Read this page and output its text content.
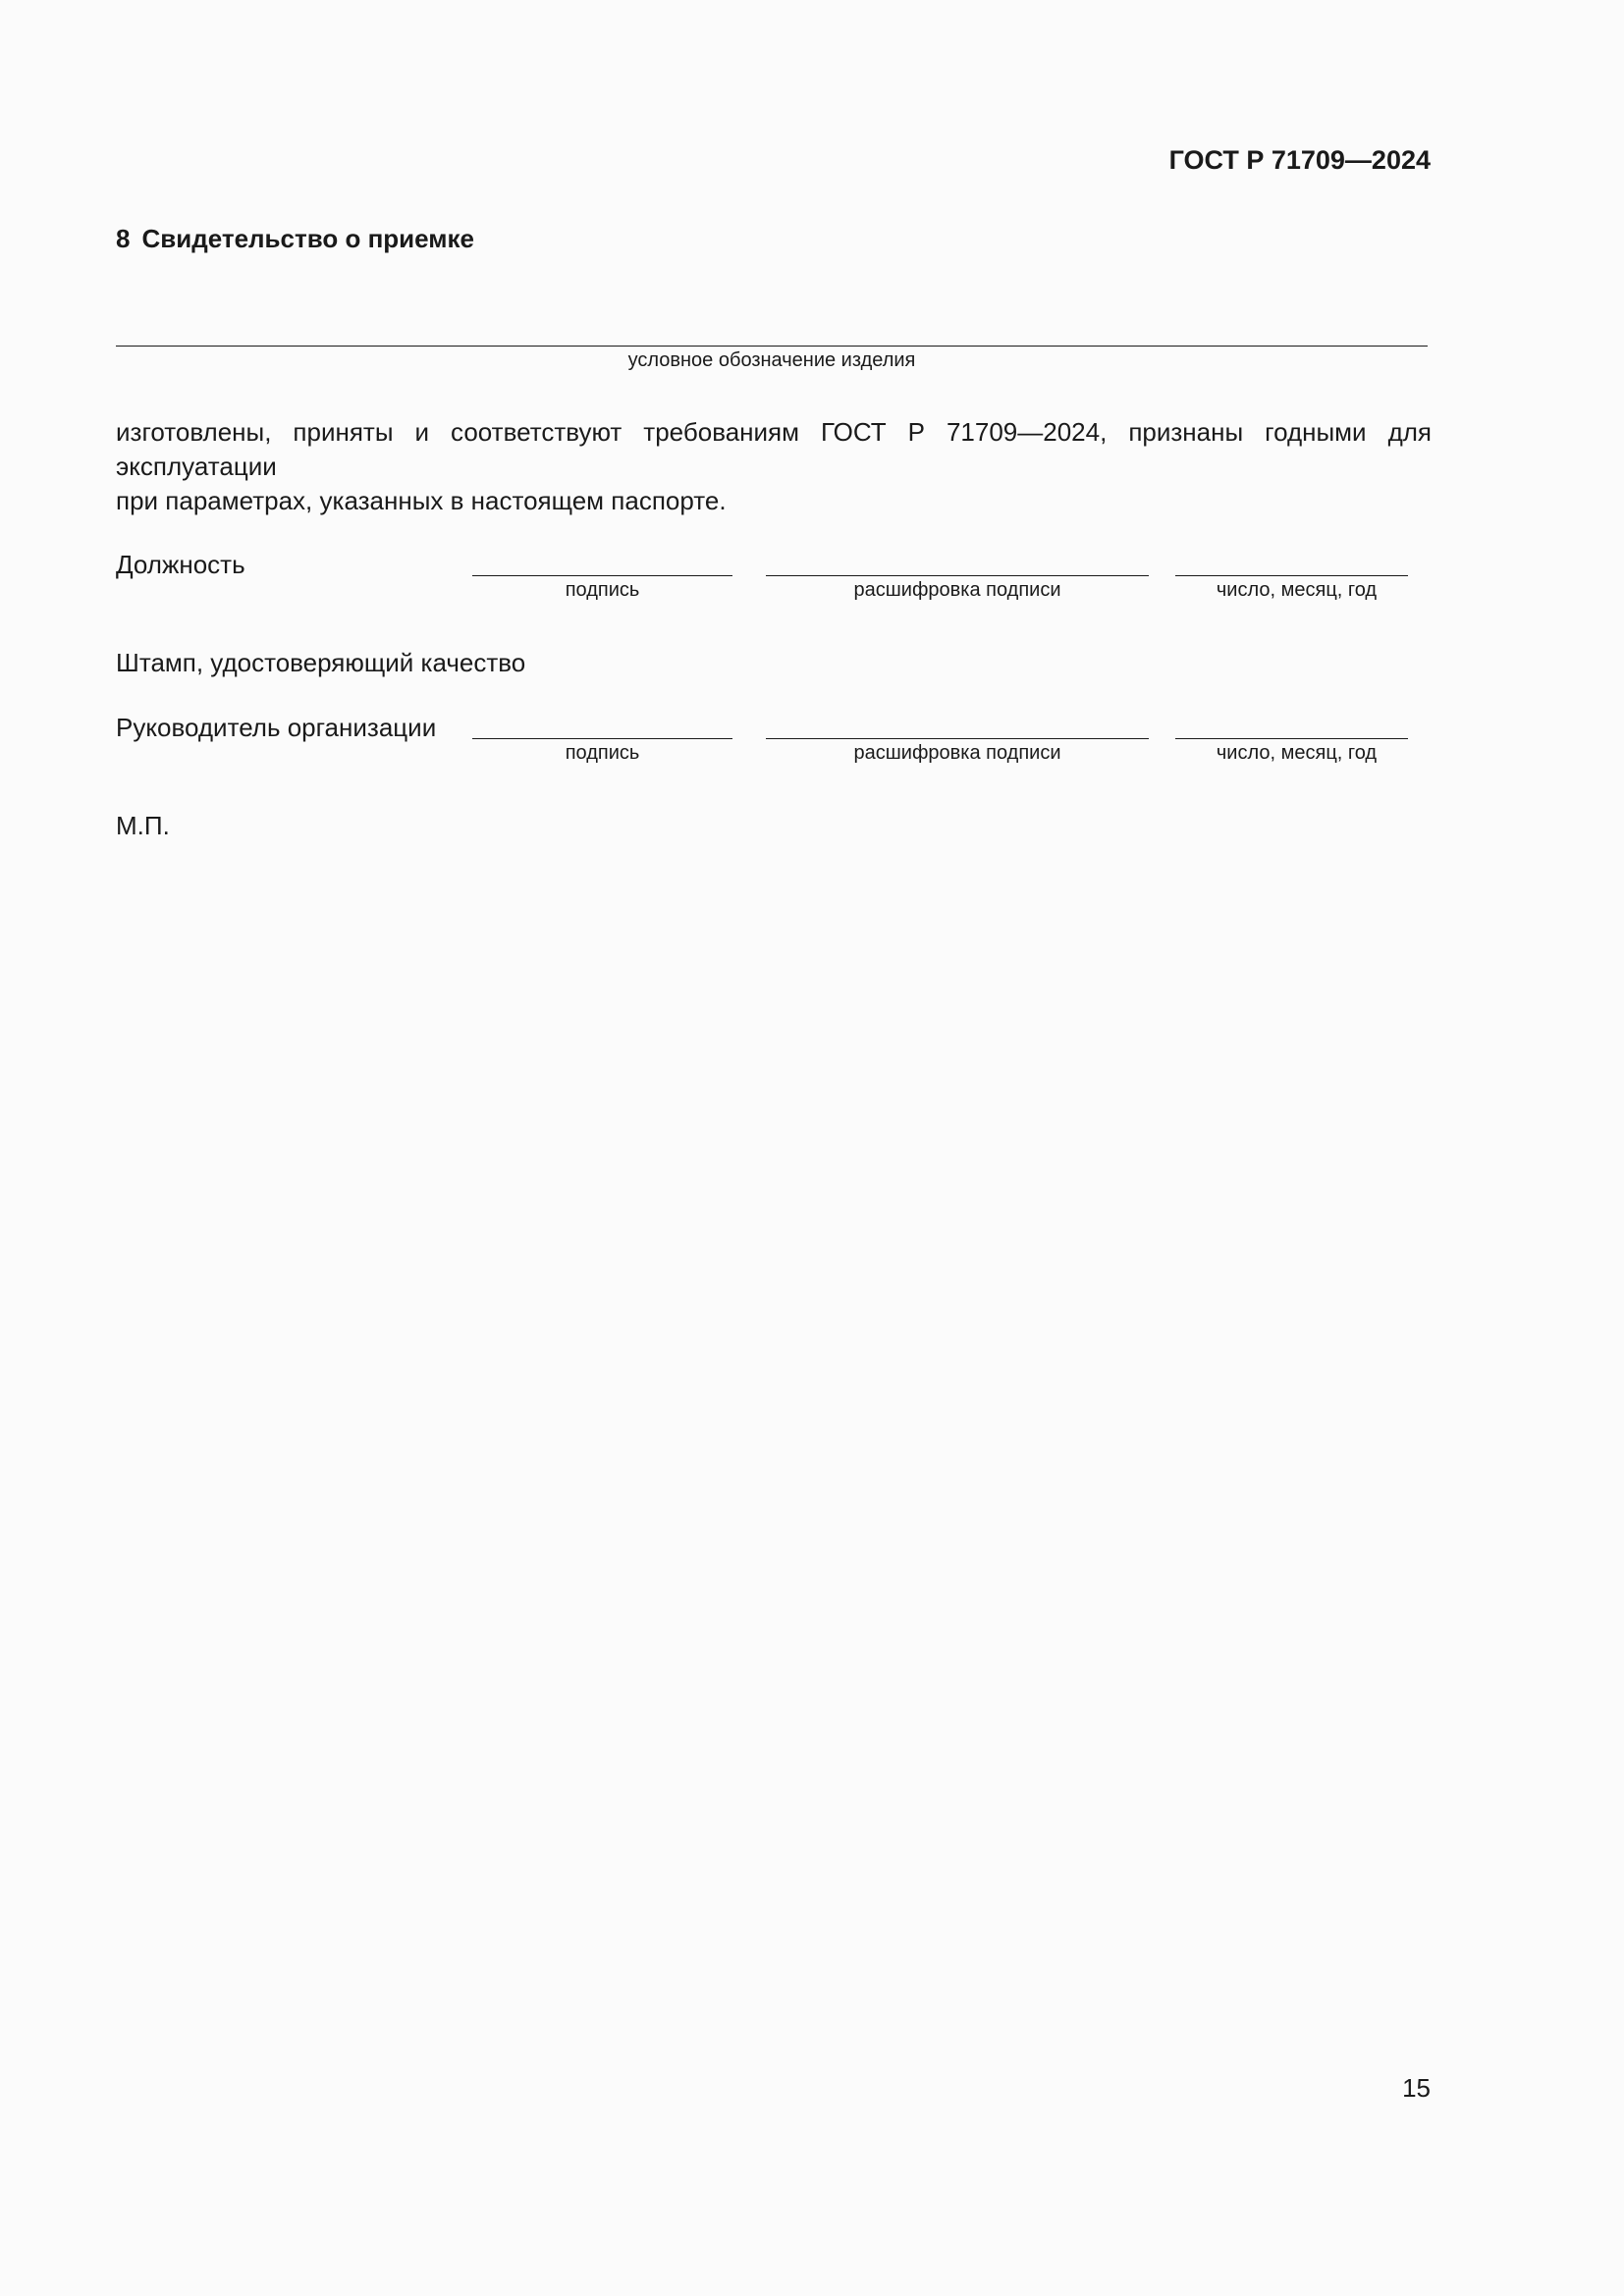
ГОСТ Р 71709—2024
8 Свидетельство о приемке
условное обозначение изделия
изготовлены, приняты и соответствуют требованиям ГОСТ Р 71709—2024, признаны годными для эксплуатации
при параметрах, указанных в настоящем паспорте.
Должность
подпись	расшифровка подписи	число, месяц, год
Штамп, удостоверяющий качество
Руководитель организации
подпись	расшифровка подписи	число, месяц, год
М.П.
15
